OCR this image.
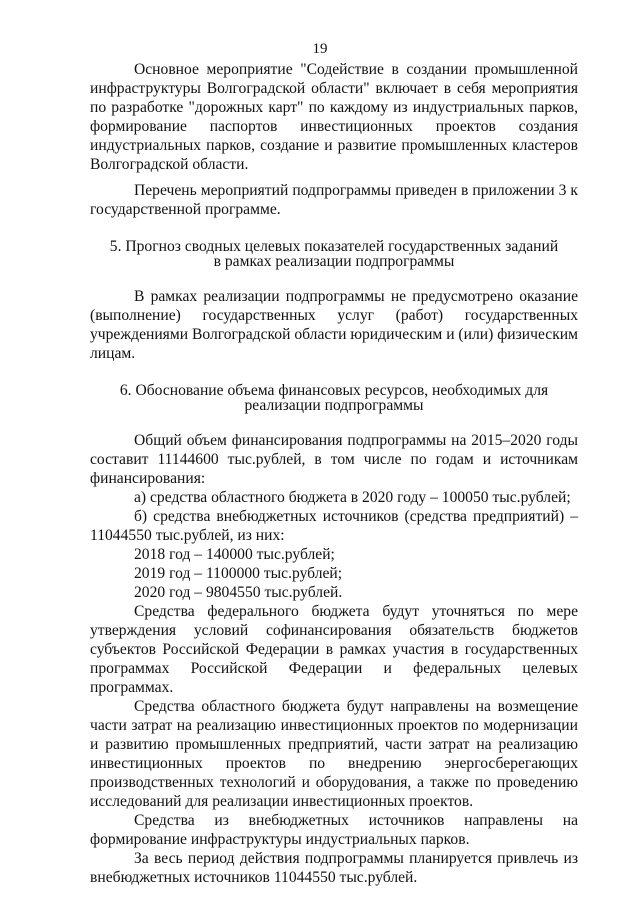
19

Основное мероприятие "Содействие в создании промышленной инфраструктуры Волгоградской области" включает в себя мероприятия по разработке "дорожных карт" по каждому из индустриальных парков, формирование паспортов инвестиционных проектов создания индустриальных парков, создание и развитие промышленных кластеров Волгоградской области.

Перечень мероприятий подпрограммы приведен в приложении 3 к государственной программе.

5. Прогноз сводных целевых показателей государственных заданий
в рамках реализации подпрограммы

В рамках реализации подпрограммы не предусмотрено оказание (выполнение) государственных услуг (работ) государственных учреждениями Волгоградской области юридическим и (или) физическим лицам.

6. Обоснование объема финансовых ресурсов, необходимых для
реализации подпрограммы

Общий объем финансирования подпрограммы на 2015–2020 годы составит 11144600 тыс.рублей, в том числе по годам и источникам финансирования:

а) средства областного бюджета в 2020 году – 100050 тыс.рублей;

б) средства внебюджетных источников (средства предприятий) – 11044550 тыс.рублей, из них:

2018 год – 140000 тыс.рублей;

2019 год – 1100000 тыс.рублей;

2020 год – 9804550 тыс.рублей.

Средства федерального бюджета будут уточняться по мере утверждения условий софинансирования обязательств бюджетов субъектов Российской Федерации в рамках участия в государственных программах Российской Федерации и федеральных целевых программах.

Средства областного бюджета будут направлены на возмещение части затрат на реализацию инвестиционных проектов по модернизации и развитию промышленных предприятий, части затрат на реализацию инвестиционных проектов по внедрению энергосберегающих производственных технологий и оборудования, а также по проведению исследований для реализации инвестиционных проектов.

Средства из внебюджетных источников направлены на формирование инфраструктуры индустриальных парков.

За весь период действия подпрограммы планируется привлечь из внебюджетных источников 11044550 тыс.рублей.
